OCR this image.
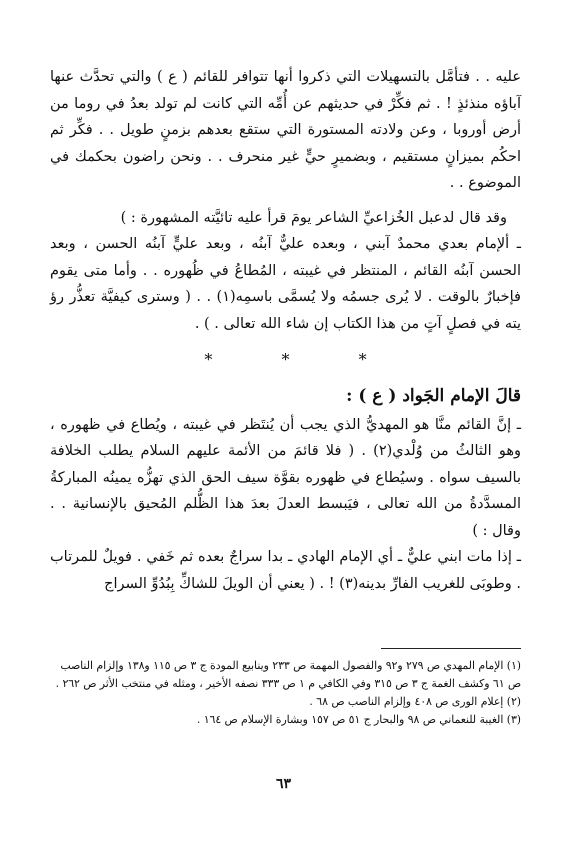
عليه . . فتأمَّل بالتسهيلات التي ذكروا أنها تتوافر للقائم ( ع ) والتي تحدَّث عنها آباؤه منذئذٍ ! . ثم فكِّرْ في حديثهم عن أُمِّه التي كانت لم تولد بعدُ في روما من أرض أوروبا ، وعن ولادته المستورة التي ستقع بعدهم بزمنٍ طويل . . فكِّر ثم احكُم بميزانٍ مستقيم ، وبضميرٍ حيٍّ غير منحرف . . ونحن راضون بحكمك في الموضوع . .

وقد قال لدعبل الخُزاعيِّ الشاعر يومَ قرأ عليه تائيَّته المشهورة : )

ـ ألإمام بعدي محمدٌ آبني ، وبعده عليٌّ آبنُه ، وبعد عليٍّ آبنُه الحسن ، وبعد الحسن آبنُه القائم ، المنتظر في غيبته ، المُطاعُ في ظُهوره . . وأما متى يقوم فإخبارٌ بالوقت . لا يُرى جسمُه ولا يُسمَّى باسمِه(١) . . ( وسترى كيفيَّة تعذُّر رؤ يته في فصلٍ آتٍ من هذا الكتاب إن شاء الله تعالى . ) .

* * *
قالَ الإمام الجَواد ( ع ) :

ـ إنَّ القائم منَّا هو المهديُّ الذي يجب أن يُنتَظر في غيبته ، ويُطاع في ظهوره ، وهو الثالثُ من وُلْدي(٢) . ( فلا قائمَ من الأئمة عليهم السلام يطلب الخلافة بالسيف سواه . وسيُطاع في ظهوره بقوَّة سيف الحق الذي تهزُّه يمينُه المباركةُ المسدَّدةُ من الله تعالى ، فيَبسط العدلَ بعدَ هذا الظُّلم المُحيق بالإنسانية . . وقال : )

ـ إذا مات ابني عليٌّ ـ أي الإمام الهادي ـ بدا سراجٌ بعده ثم خَفي . فويلٌ للمرتاب . وطوبَى للغريب الفارِّ بدينه(٣) ! . ( يعني أن الويلَ للشاكِّ بِبُدُوِّ السراج

(١) الإمام المهدي ص ٢٧٩ و٩٢ والفصول المهمة ص ٢٣٣ وينابيع المودة ج ٣ ص ١١٥ و١٣٨ وإلزام الناصب ص ٦١ وكشف الغمة ج ٣ ص ٣١٥ وفي الكافي م ١ ص ٣٣٣ نصفه الأخير ، ومثله في منتخب الأثر ص ٢٦٢ .

(٢) إعلام الورى ص ٤٠٨ وإلزام الناصب ص ٦٨ .

(٣) الغيبة للنعماني ص ٩٨ والبحار ج ٥١ ص ١٥٧ وبشارة الإسلام ص ١٦٤ .

٦٣
